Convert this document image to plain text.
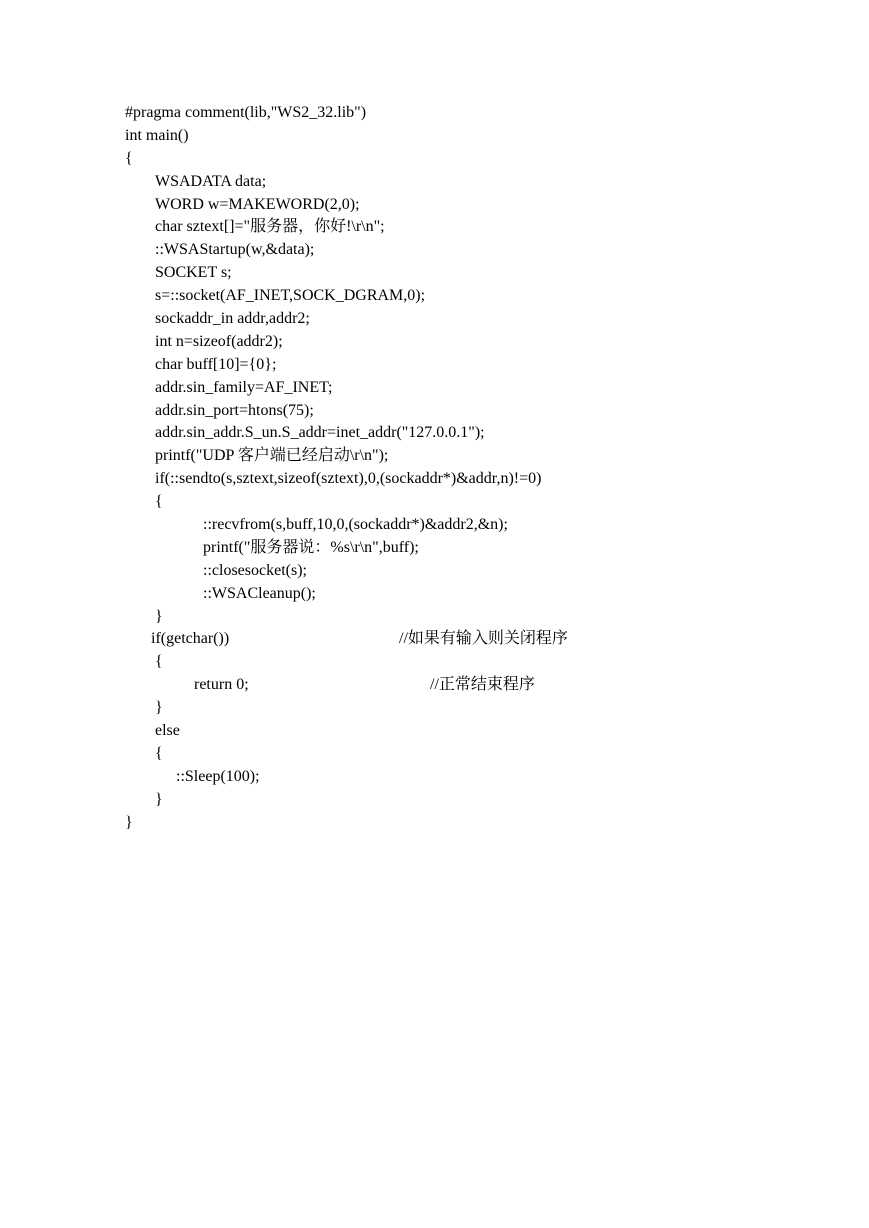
#pragma comment(lib,"WS2_32.lib")

int main()

{

WSADATA data;

WORD w=MAKEWORD(2,0);

char sztext[]="服务器，你好!\r\n";

::WSAStartup(w,&data);

SOCKET s;

s=::socket(AF_INET,SOCK_DGRAM,0);

sockaddr_in addr,addr2;

int n=sizeof(addr2);

char buff[10]={0};

addr.sin_family=AF_INET;

addr.sin_port=htons(75);

addr.sin_addr.S_un.S_addr=inet_addr("127.0.0.1");

printf("UDP 客户端已经启动\r\n");

if(::sendto(s,sztext,sizeof(sztext),0,(sockaddr*)&addr,n)!=0)

{

::recvfrom(s,buff,10,0,(sockaddr*)&addr2,&n);

printf("服务器说：%s\r\n",buff);

::closesocket(s);

::WSACleanup();

}

if(getchar())

	//如果有输入则关闭程序

{

return 0;

	//正常结束程序

}

else

{

::Sleep(100);

}

}
